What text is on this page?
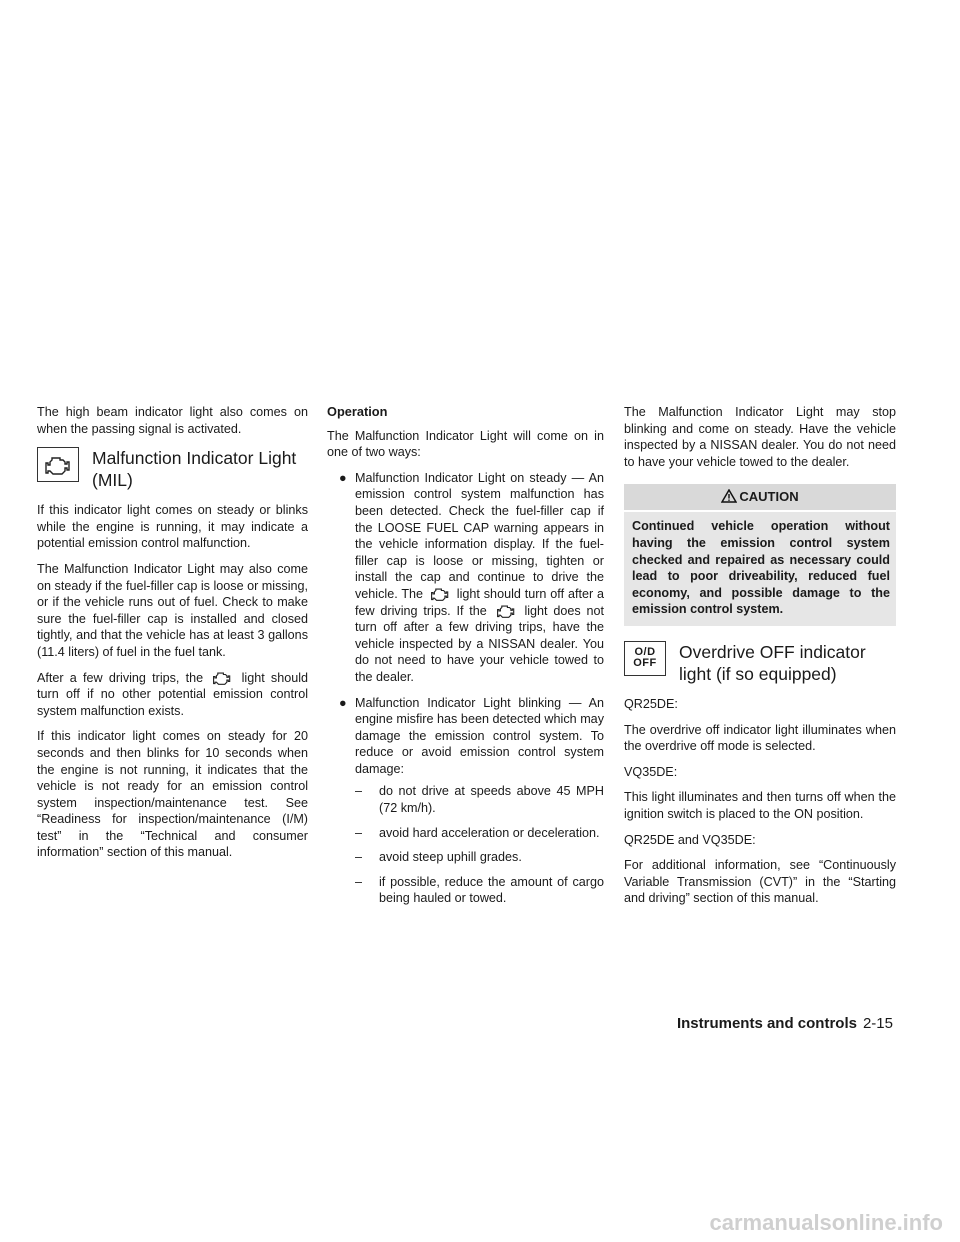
The high beam indicator light also comes on when the passing signal is activated.

Malfunction Indicator Light (MIL)

If this indicator light comes on steady or blinks while the engine is running, it may indicate a potential emission control malfunction.

The Malfunction Indicator Light may also come on steady if the fuel-filler cap is loose or missing, or if the vehicle runs out of fuel. Check to make sure the fuel-filler cap is installed and closed tightly, and that the vehicle has at least 3 gallons (11.4 liters) of fuel in the fuel tank.

After a few driving trips, the	light should turn off if no other potential emission control system malfunction exists.

If this indicator light comes on steady for 20 seconds and then blinks for 10 seconds when the engine is not running, it indicates that the vehicle is not ready for an emission control system inspection/maintenance test. See “Readiness for inspection/maintenance (I/M) test” in the “Technical and consumer information” section of this manual.

Operation

The Malfunction Indicator Light will come on in one of two ways:

● Malfunction Indicator Light on steady — An emission control system malfunction has been detected. Check the fuel-filler cap if the LOOSE FUEL CAP warning appears in the vehicle information display. If the fuel-filler cap is loose or missing, tighten or install the cap and continue to drive the vehicle. The	light should turn off after a few driving trips. If the	light does not turn off after a few driving trips, have the vehicle inspected by a NISSAN dealer. You do not need to have your vehicle towed to the dealer.
● Malfunction Indicator Light blinking — An engine misfire has been detected which may damage the emission control system. To reduce or avoid emission control system damage:
– do not drive at speeds above 45 MPH (72 km/h).
– avoid hard acceleration or deceleration.
– avoid steep uphill grades.
– if possible, reduce the amount of cargo being hauled or towed.

The Malfunction Indicator Light may stop blinking and come on steady. Have the vehicle inspected by a NISSAN dealer. You do not need to have your vehicle towed to the dealer.

CAUTION
Continued vehicle operation without having the emission control system checked and repaired as necessary could lead to poor driveability, reduced fuel economy, and possible damage to the emission control system.
O/D
OFF
Overdrive OFF indicator light (if so equipped)

QR25DE:

The overdrive off indicator light illuminates when the overdrive off mode is selected.

VQ35DE:

This light illuminates and then turns off when the ignition switch is placed to the ON position.

QR25DE and VQ35DE:

For additional information, see “Continuously Variable Transmission (CVT)” in the “Starting and driving” section of this manual.

Instruments and controls 2-15
carmanualsonline.info
